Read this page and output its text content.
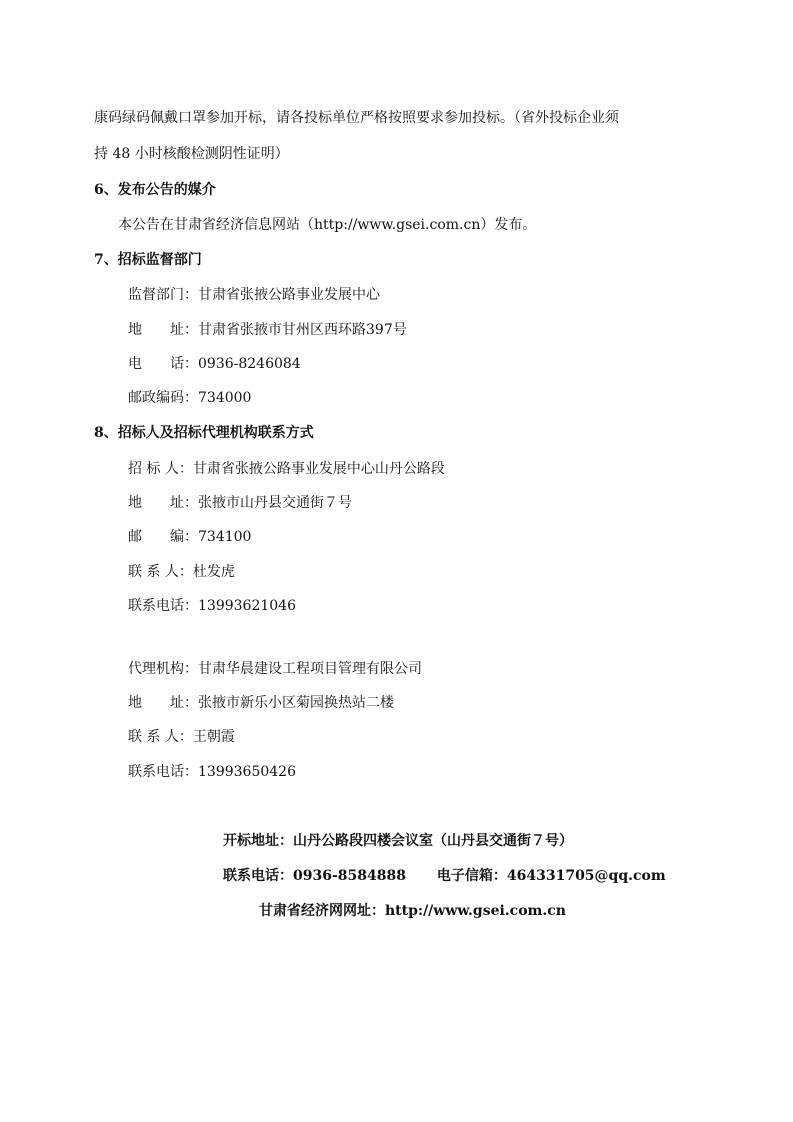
康码绿码佩戴口罩参加开标，请各投标单位严格按照要求参加投标。（省外投标企业须
持 48 小时核酸检测阴性证明）
6、发布公告的媒介
本公告在甘肃省经济信息网站（http://www.gsei.com.cn）发布。
7、招标监督部门
监督部门：甘肃省张掖公路事业发展中心
地　　址：甘肃省张掖市甘州区西环路397号
电　　话：0936-8246084
邮政编码：734000
8、招标人及招标代理机构联系方式
招 标 人：甘肃省张掖公路事业发展中心山丹公路段
地　　址：张掖市山丹县交通街７号
邮　　编：734100
联 系 人：杜发虎
联系电话：13993621046
代理机构：甘肃华晨建设工程项目管理有限公司
地　　址：张掖市新乐小区菊园换热站二楼
联 系 人：王朝霞
联系电话：13993650426
开标地址：山丹公路段四楼会议室（山丹县交通街７号）
联系电话：0936-8584888 电子信箱：464331705@qq.com
甘肃省经济网网址：http://www.gsei.com.cn
